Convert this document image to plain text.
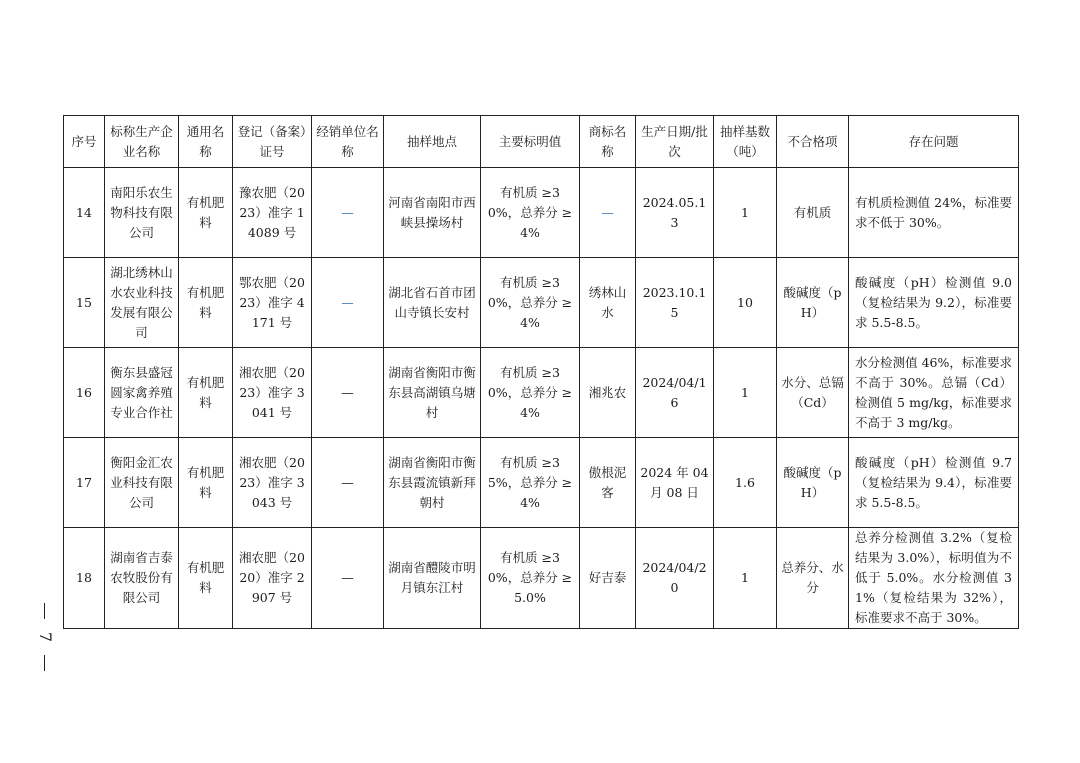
序号	标称生产企业名称	通用名称	登记（备案）证号	经销单位名称	抽样地点	主要标明值	商标名称	生产日期/批次	抽样基数（吨）	不合格项	存在问题
14	南阳乐农生物科技有限公司	有机肥料	豫农肥（2023）准字 14089 号	—	河南省南阳市西峡县操场村	有机质 ≥30%，总养分 ≥4%	—	2024.05.13	1	有机质	有机质检测值 24%，标准要求不低于 30%。
15	湖北绣林山水农业科技发展有限公司	有机肥料	鄂农肥（2023）准字 4171 号	—	湖北省石首市团山寺镇长安村	有机质 ≥30%，总养分 ≥4%	绣林山水	2023.10.15	10	酸碱度（pH）	酸碱度（pH）检测值 9.0（复检结果为 9.2），标准要求 5.5-8.5。
16	衡东县盛冠圆家禽养殖专业合作社	有机肥料	湘农肥（2023）准字 3041 号	—	湖南省衡阳市衡东县高湖镇乌塘村	有机质 ≥30%，总养分 ≥4%	湘兆农	2024/04/16	1	水分、总镉（Cd）	水分检测值 46%，标准要求不高于 30%。总镉（Cd）检测值 5 mg/kg，标准要求不高于 3 mg/kg。
17	衡阳金汇农业科技有限公司	有机肥料	湘农肥（2023）准字 3043 号	—	湖南省衡阳市衡东县霞流镇新拜朝村	有机质 ≥35%，总养分 ≥4%	傲根泥客	2024 年 04 月 08 日	1.6	酸碱度（pH）	酸碱度（pH）检测值 9.7（复检结果为 9.4），标准要求 5.5-8.5。
18	湖南省吉泰农牧股份有限公司	有机肥料	湘农肥（2020）准字 2907 号	—	湖南省醴陵市明月镇东江村	有机质 ≥30%，总养分 ≥5.0%	好吉泰	2024/04/20	1	总养分、水分	总养分检测值 3.2%（复检结果为 3.0%），标明值为不低于 5.0%。水分检测值 31%（复检结果为 32%），标准要求不高于 30%。
7
